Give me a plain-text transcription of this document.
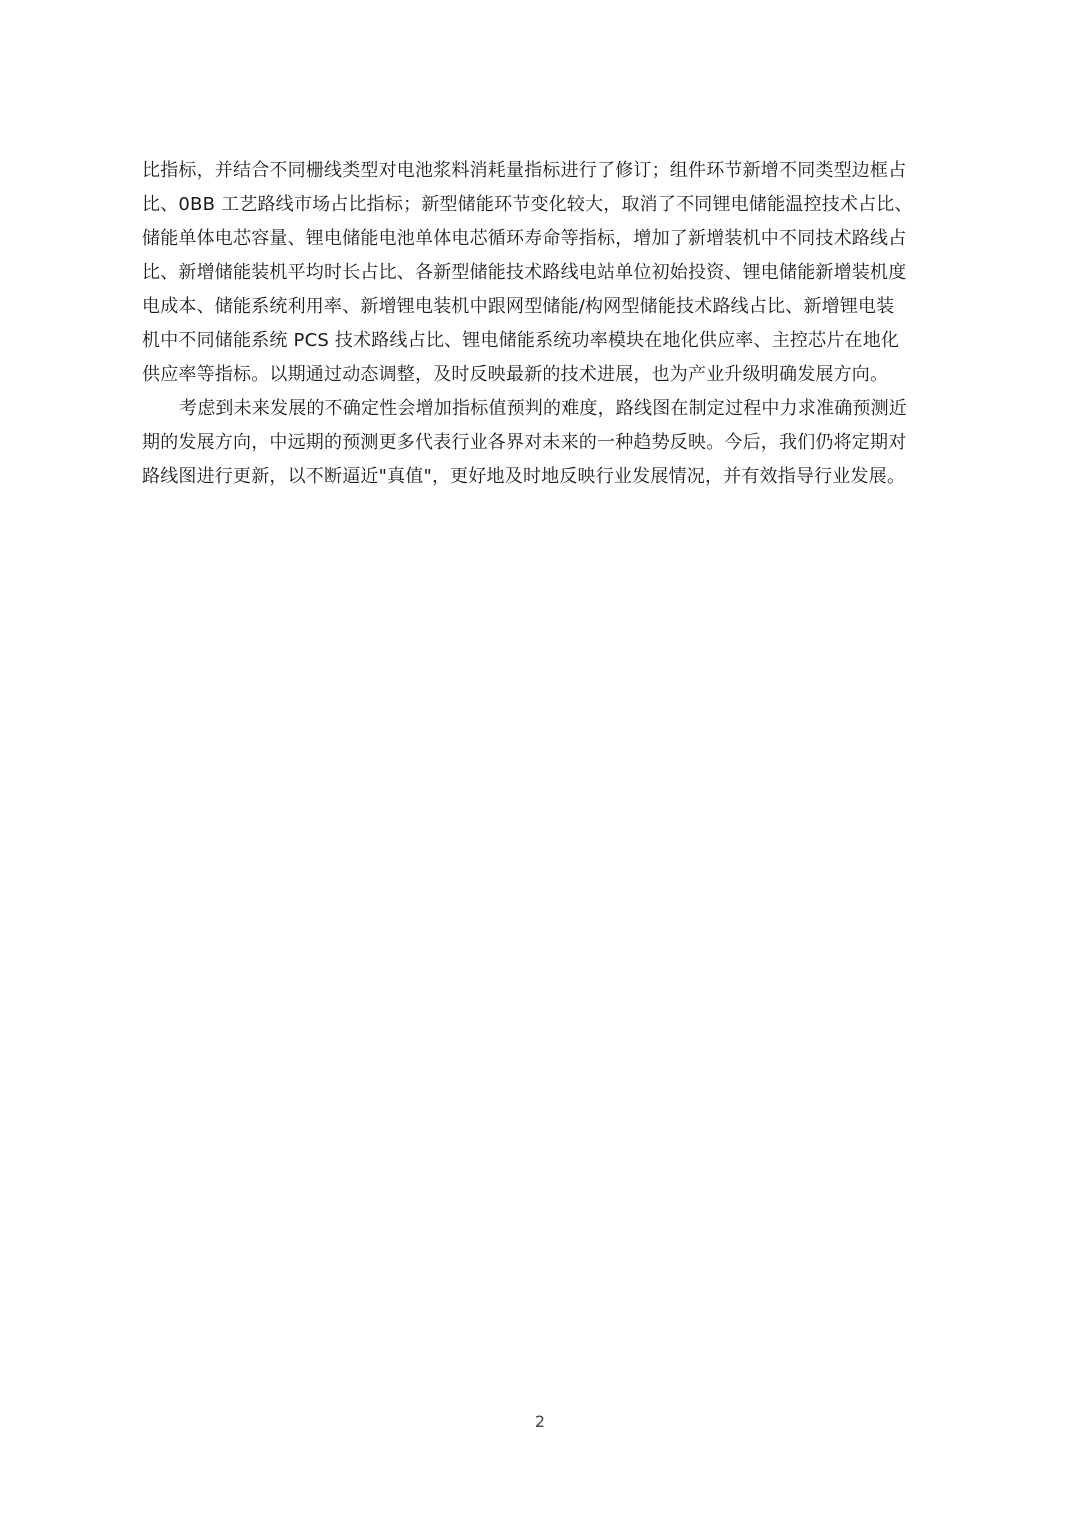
比指标，并结合不同栅线类型对电池浆料消耗量指标进行了修订；组件环节新增不同类型边框占
比、0BB 工艺路线市场占比指标；新型储能环节变化较大，取消了不同锂电储能温控技术占比、
储能单体电芯容量、锂电储能电池单体电芯循环寿命等指标，增加了新增装机中不同技术路线占
比、新增储能装机平均时长占比、各新型储能技术路线电站单位初始投资、锂电储能新增装机度
电成本、储能系统利用率、新增锂电装机中跟网型储能/构网型储能技术路线占比、新增锂电装
机中不同储能系统 PCS 技术路线占比、锂电储能系统功率模块在地化供应率、主控芯片在地化
供应率等指标。以期通过动态调整，及时反映最新的技术进展，也为产业升级明确发展方向。
考虑到未来发展的不确定性会增加指标值预判的难度，路线图在制定过程中力求准确预测近
期的发展方向，中远期的预测更多代表行业各界对未来的一种趋势反映。今后，我们仍将定期对
路线图进行更新，以不断逼近"真值"，更好地及时地反映行业发展情况，并有效指导行业发展。
2
